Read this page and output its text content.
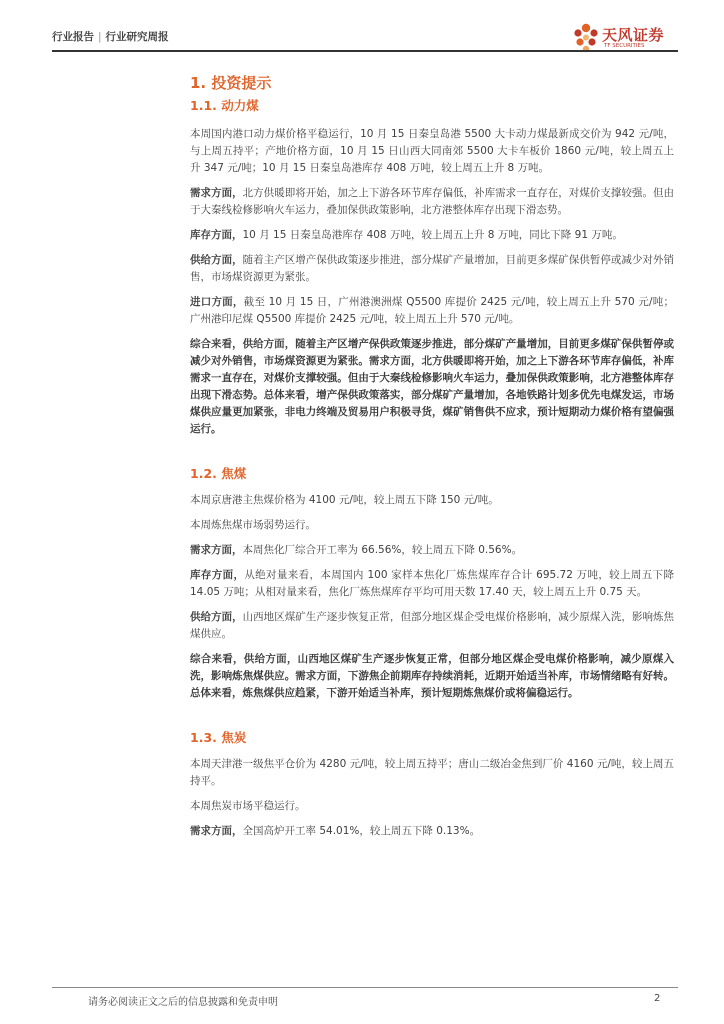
行业报告 | 行业研究周报	天风证券
TF SECURITIES
1. 投资提示
1.1. 动力煤

本周国内港口动力煤价格平稳运行，10 月 15 日秦皇岛港 5500 大卡动力煤最新成交价为 942 元/吨，与上周五持平；产地价格方面，10 月 15 日山西大同南郊 5500 大卡车板价 1860 元/吨，较上周五上升 347 元/吨；10 月 15 日秦皇岛港库存 408 万吨，较上周五上升 8 万吨。

需求方面，北方供暖即将开始，加之上下游各环节库存偏低，补库需求一直存在，对煤价支撑较强。但由于大秦线检修影响火车运力，叠加保供政策影响，北方港整体库存出现下滑态势。

库存方面，10 月 15 日秦皇岛港库存 408 万吨，较上周五上升 8 万吨，同比下降 91 万吨。

供给方面，随着主产区增产保供政策逐步推进，部分煤矿产量增加，目前更多煤矿保供暂停或减少对外销售，市场煤资源更为紧张。

进口方面，截至 10 月 15 日，广州港澳洲煤 Q5500 库提价 2425 元/吨，较上周五上升 570 元/吨；广州港印尼煤 Q5500 库提价 2425 元/吨，较上周五上升 570 元/吨。

综合来看，供给方面，随着主产区增产保供政策逐步推进，部分煤矿产量增加，目前更多煤矿保供暂停或减少对外销售，市场煤资源更为紧张。需求方面，北方供暖即将开始，加之上下游各环节库存偏低，补库需求一直存在，对煤价支撑较强。但由于大秦线检修影响火车运力，叠加保供政策影响，北方港整体库存出现下滑态势。总体来看，增产保供政策落实，部分煤矿产量增加，各地铁路计划多优先电煤发运，市场煤供应量更加紧张，非电力终端及贸易用户积极寻货，煤矿销售供不应求，预计短期动力煤价格有望偏强运行。

1.2. 焦煤

本周京唐港主焦煤价格为 4100 元/吨，较上周五下降 150 元/吨。

本周炼焦煤市场弱势运行。

需求方面，本周焦化厂综合开工率为 66.56%，较上周五下降 0.56%。

库存方面，从绝对量来看，本周国内 100 家样本焦化厂炼焦煤库存合计 695.72 万吨，较上周五下降 14.05 万吨；从相对量来看，焦化厂炼焦煤库存平均可用天数 17.40 天，较上周五上升 0.75 天。

供给方面，山西地区煤矿生产逐步恢复正常，但部分地区煤企受电煤价格影响，减少原煤入洗，影响炼焦煤供应。

综合来看，供给方面，山西地区煤矿生产逐步恢复正常，但部分地区煤企受电煤价格影响，减少原煤入洗，影响炼焦煤供应。需求方面，下游焦企前期库存持续消耗，近期开始适当补库，市场情绪略有好转。总体来看，炼焦煤供应趋紧，下游开始适当补库，预计短期炼焦煤价或将偏稳运行。

1.3. 焦炭

本周天津港一级焦平仓价为 4280 元/吨，较上周五持平；唐山二级冶金焦到厂价 4160 元/吨，较上周五持平。

本周焦炭市场平稳运行。

需求方面，全国高炉开工率 54.01%，较上周五下降 0.13%。

请务必阅读正文之后的信息披露和免责申明	2
